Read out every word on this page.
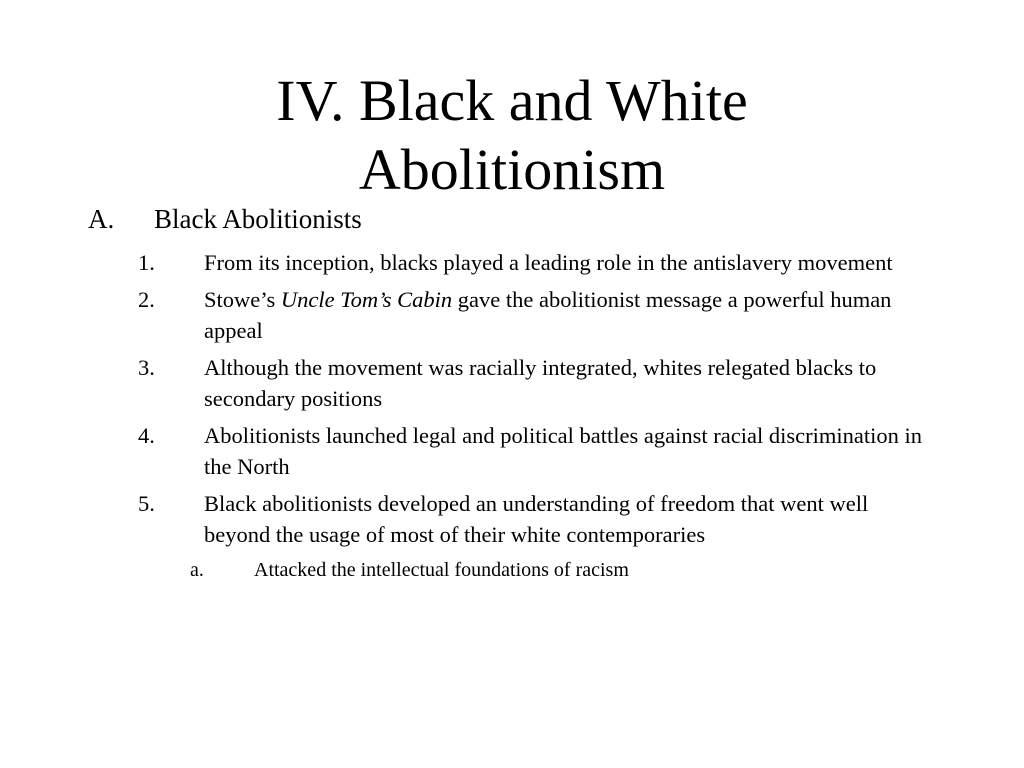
IV. Black and White
Abolitionism
A. Black Abolitionists
1. From its inception, blacks played a leading role in the antislavery movement
2. Stowe’s Uncle Tom’s Cabin gave the abolitionist message a powerful human appeal
3. Although the movement was racially integrated, whites relegated blacks to secondary positions
4. Abolitionists launched legal and political battles against racial discrimination in the North
5. Black abolitionists developed an understanding of freedom that went well beyond the usage of most of their white contemporaries
a.	Attacked the intellectual foundations of racism
